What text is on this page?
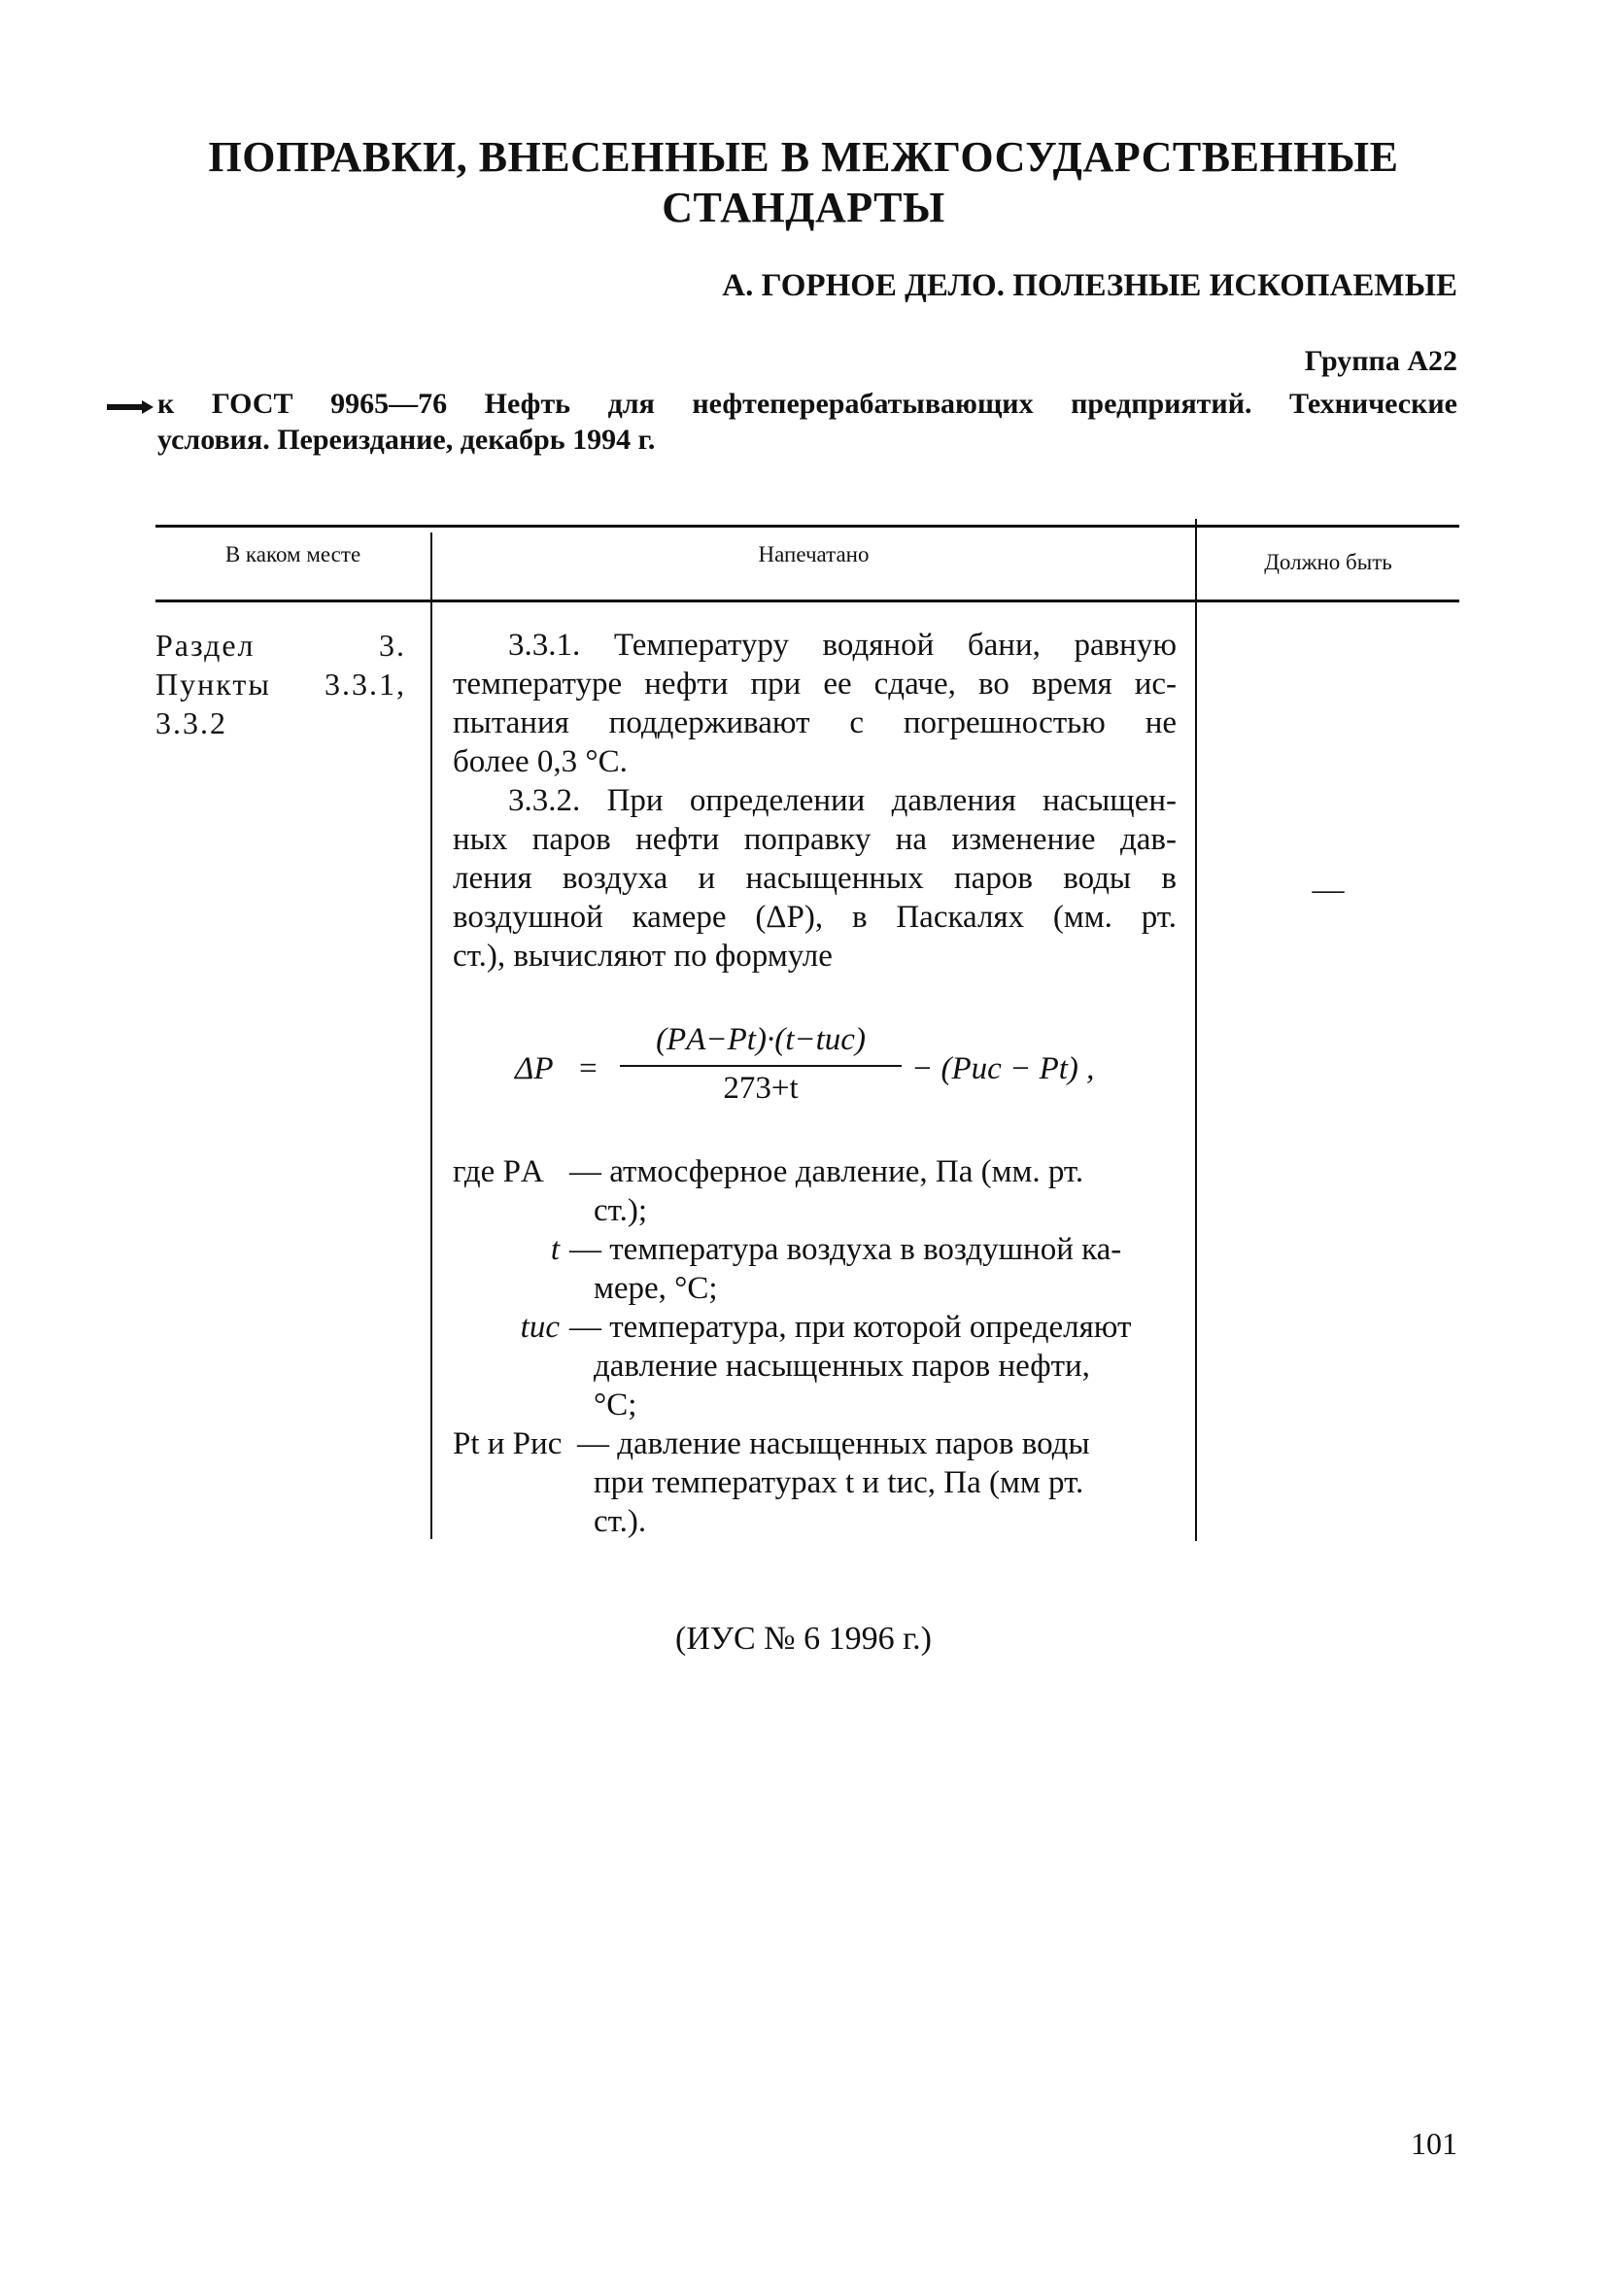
ПОПРАВКИ, ВНЕСЕННЫЕ В МЕЖГОСУДАРСТВЕННЫЕ
СТАНДАРТЫ
А. ГОРНОЕ ДЕЛО. ПОЛЕЗНЫЕ ИСКОПАЕМЫЕ
Группа А22
к ГОСТ 9965—76 Нефть для нефтеперерабатывающих предприятий. Технические
условия. Переиздание, декабрь 1994 г.
В каком месте	Напечатано	Должно быть
Раздел 3.
Пункты 3.3.1,
3.3.2
3.3.1. Температуру водяной бани, равную
температуре нефти при ее сдаче, во время ис-
пытания поддерживают с погрешностью не
более 0,3 °С.
3.3.2. При определении давления насыщен-
ных паров нефти поправку на изменение дав-
ления воздуха и насыщенных паров воды в
воздушной камере (ΔP), в Паскалях (мм. рт.
ст.), вычисляют по формуле
ΔP =
(PА−Pt)·(t−tис)
273+t
− (Pис − Pt) ,
где PА — атмосферное давление, Па (мм. рт.
ст.);
t — температура воздуха в воздушной ка-
мере, °С;
tис — температура, при которой определяют
давление насыщенных паров нефти,
°С;
Pt и Pис — давление насыщенных паров воды
при температурах t и tис, Па (мм рт.
ст.).
—
(ИУС № 6 1996 г.)
101
